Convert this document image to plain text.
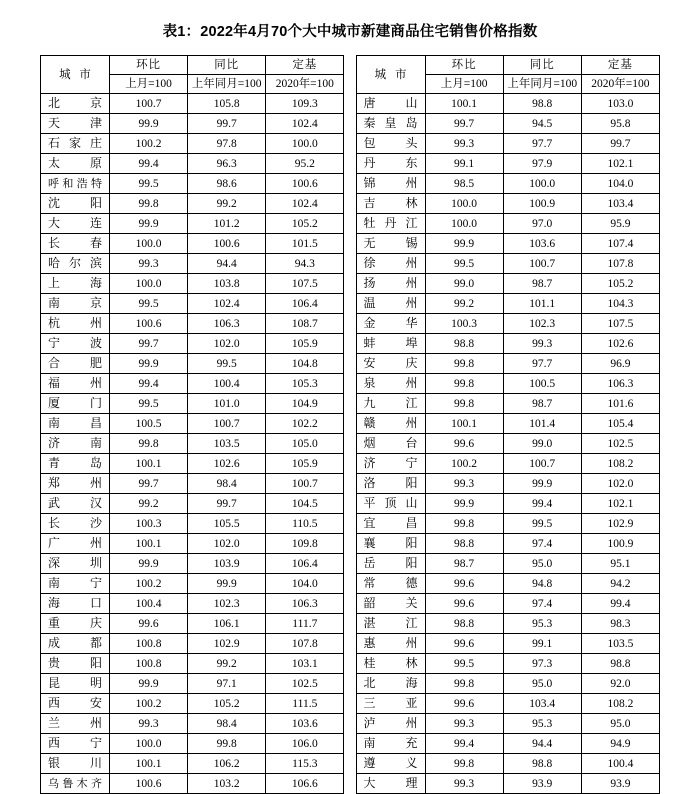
表1：2022年4月70个大中城市新建商品住宅销售价格指数
城 市	环比	同比	定基		城 市	环比	同比	定基
	上月=100	上年同月=100	2020年=100			上月=100	上年同月=100	2020年=100
北 京	100.7	105.8	109.3		唐 山	100.1	98.8	103.0
天 津	99.9	99.7	102.4		秦皇岛	99.7	94.5	95.8
石家庄	100.2	97.8	100.0		包 头	99.3	97.7	99.7
太 原	99.4	96.3	95.2		丹 东	99.1	97.9	102.1
呼和浩特	99.5	98.6	100.6		锦 州	98.5	100.0	104.0
沈 阳	99.8	99.2	102.4		吉 林	100.0	100.9	103.4
大 连	99.9	101.2	105.2		牡丹江	100.0	97.0	95.9
长 春	100.0	100.6	101.5		无 锡	99.9	103.6	107.4
哈尔滨	99.3	94.4	94.3		徐 州	99.5	100.7	107.8
上 海	100.0	103.8	107.5		扬 州	99.0	98.7	105.2
南 京	99.5	102.4	106.4		温 州	99.2	101.1	104.3
杭 州	100.6	106.3	108.7		金 华	100.3	102.3	107.5
宁 波	99.7	102.0	105.9		蚌 埠	98.8	99.3	102.6
合 肥	99.9	99.5	104.8		安 庆	99.8	97.7	96.9
福 州	99.4	100.4	105.3		泉 州	99.8	100.5	106.3
厦 门	99.5	101.0	104.9		九 江	99.8	98.7	101.6
南 昌	100.5	100.7	102.2		赣 州	100.1	101.4	105.4
济 南	99.8	103.5	105.0		烟 台	99.6	99.0	102.5
青 岛	100.1	102.6	105.9		济 宁	100.2	100.7	108.2
郑 州	99.7	98.4	100.7		洛 阳	99.3	99.9	102.0
武 汉	99.2	99.7	104.5		平顶山	99.9	99.4	102.1
长 沙	100.3	105.5	110.5		宜 昌	99.8	99.5	102.9
广 州	100.1	102.0	109.8		襄 阳	98.8	97.4	100.9
深 圳	99.9	103.9	106.4		岳 阳	98.7	95.0	95.1
南 宁	100.2	99.9	104.0		常 德	99.6	94.8	94.2
海 口	100.4	102.3	106.3		韶 关	99.6	97.4	99.4
重 庆	99.6	106.1	111.7		湛 江	98.8	95.3	98.3
成 都	100.8	102.9	107.8		惠 州	99.6	99.1	103.5
贵 阳	100.8	99.2	103.1		桂 林	99.5	97.3	98.8
昆 明	99.9	97.1	102.5		北 海	99.8	95.0	92.0
西 安	100.2	105.2	111.5		三 亚	99.6	103.4	108.2
兰 州	99.3	98.4	103.6		泸 州	99.3	95.3	95.0
西 宁	100.0	99.8	106.0		南 充	99.4	94.4	94.9
银 川	100.1	106.2	115.3		遵 义	99.8	98.8	100.4
乌鲁木齐	100.6	103.2	106.6		大 理	99.3	93.9	93.9
